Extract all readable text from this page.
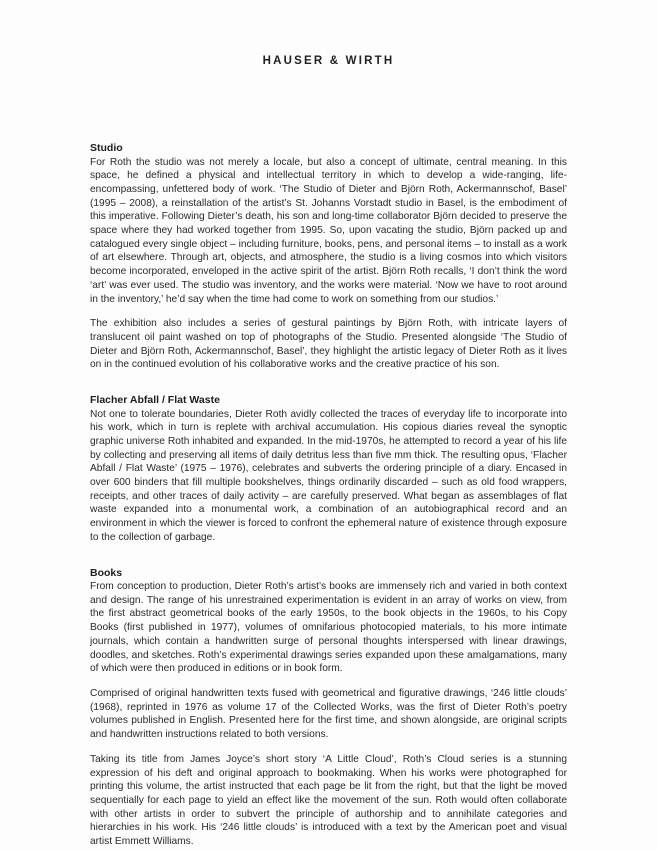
HAUSER & WIRTH

Studio

For Roth the studio was not merely a locale, but also a concept of ultimate, central meaning. In this space, he defined a physical and intellectual territory in which to develop a wide-ranging, life-encompassing, unfettered body of work. ‘The Studio of Dieter and Björn Roth, Ackermannschof, Basel’ (1995 – 2008), a reinstallation of the artist’s St. Johanns Vorstadt studio in Basel, is the embodiment of this imperative. Following Dieter’s death, his son and long-time collaborator Björn decided to preserve the space where they had worked together from 1995. So, upon vacating the studio, Björn packed up and catalogued every single object – including furniture, books, pens, and personal items – to install as a work of art elsewhere. Through art, objects, and atmosphere, the studio is a living cosmos into which visitors become incorporated, enveloped in the active spirit of the artist. Björn Roth recalls, ‘I don’t think the word ‘art’ was ever used. The studio was inventory, and the works were material. ‘Now we have to root around in the inventory,’ he’d say when the time had come to work on something from our studios.’

The exhibition also includes a series of gestural paintings by Björn Roth, with intricate layers of translucent oil paint washed on top of photographs of the Studio. Presented alongside ‘The Studio of Dieter and Björn Roth, Ackermannschof, Basel’, they highlight the artistic legacy of Dieter Roth as it lives on in the continued evolution of his collaborative works and the creative practice of his son.

Flacher Abfall / Flat Waste

Not one to tolerate boundaries, Dieter Roth avidly collected the traces of everyday life to incorporate into his work, which in turn is replete with archival accumulation. His copious diaries reveal the synoptic graphic universe Roth inhabited and expanded. In the mid-1970s, he attempted to record a year of his life by collecting and preserving all items of daily detritus less than five mm thick. The resulting opus, ‘Flacher Abfall / Flat Waste’ (1975 – 1976), celebrates and subverts the ordering principle of a diary. Encased in over 600 binders that fill multiple bookshelves, things ordinarily discarded – such as old food wrappers, receipts, and other traces of daily activity – are carefully preserved. What began as assemblages of flat waste expanded into a monumental work, a combination of an autobiographical record and an environment in which the viewer is forced to confront the ephemeral nature of existence through exposure to the collection of garbage.

Books

From conception to production, Dieter Roth’s artist’s books are immensely rich and varied in both context and design. The range of his unrestrained experimentation is evident in an array of works on view, from the first abstract geometrical books of the early 1950s, to the book objects in the 1960s, to his Copy Books (first published in 1977), volumes of omnifarious photocopied materials, to his more intimate journals, which contain a handwritten surge of personal thoughts interspersed with linear drawings, doodles, and sketches. Roth’s experimental drawings series expanded upon these amalgamations, many of which were then produced in editions or in book form.

Comprised of original handwritten texts fused with geometrical and figurative drawings, ‘246 little clouds’ (1968), reprinted in 1976 as volume 17 of the Collected Works, was the first of Dieter Roth’s poetry volumes published in English. Presented here for the first time, and shown alongside, are original scripts and handwritten instructions related to both versions.

Taking its title from James Joyce’s short story ‘A Little Cloud’, Roth’s Cloud series is a stunning expression of his deft and original approach to bookmaking. When his works were photographed for printing this volume, the artist instructed that each page be lit from the right, but that the light be moved sequentially for each page to yield an effect like the movement of the sun. Roth would often collaborate with other artists in order to subvert the principle of authorship and to annihilate categories and hierarchies in his work. His ‘246 little clouds’ is introduced with a text by the American poet and visual artist Emmett Williams.
